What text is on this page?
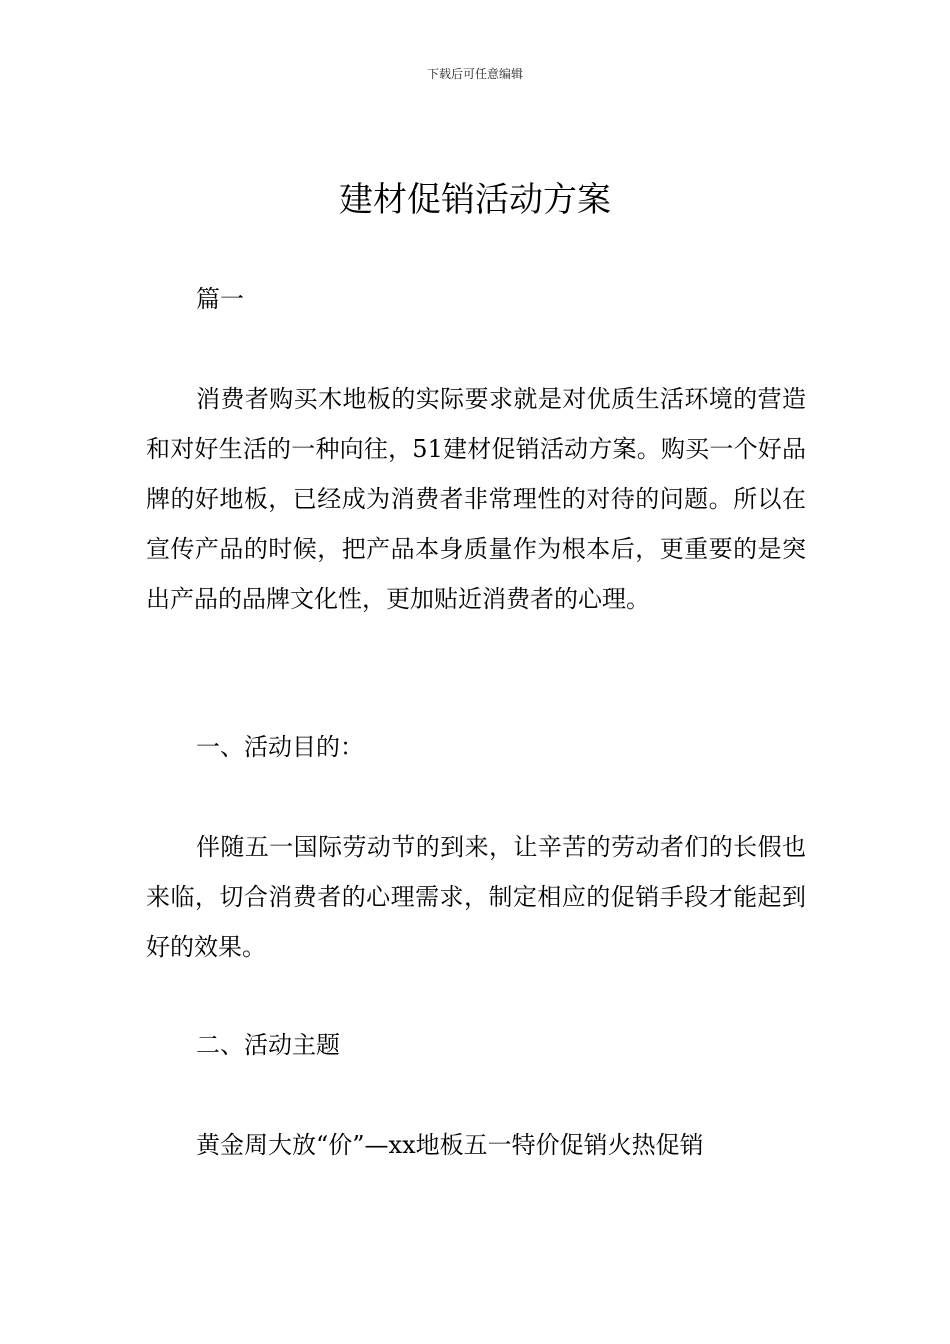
下载后可任意编辑
建材促销活动方案

篇一

消费者购买木地板的实际要求就是对优质生活环境的营造和对好生活的一种向往，51建材促销活动方案。购买一个好品牌的好地板，已经成为消费者非常理性的对待的问题。所以在宣传产品的时候，把产品本身质量作为根本后，更重要的是突出产品的品牌文化性，更加贴近消费者的心理。

一、活动目的：

伴随五一国际劳动节的到来，让辛苦的劳动者们的长假也来临，切合消费者的心理需求，制定相应的促销手段才能起到好的效果。

二、活动主题

黄金周大放“价”—xx地板五一特价促销火热促销
